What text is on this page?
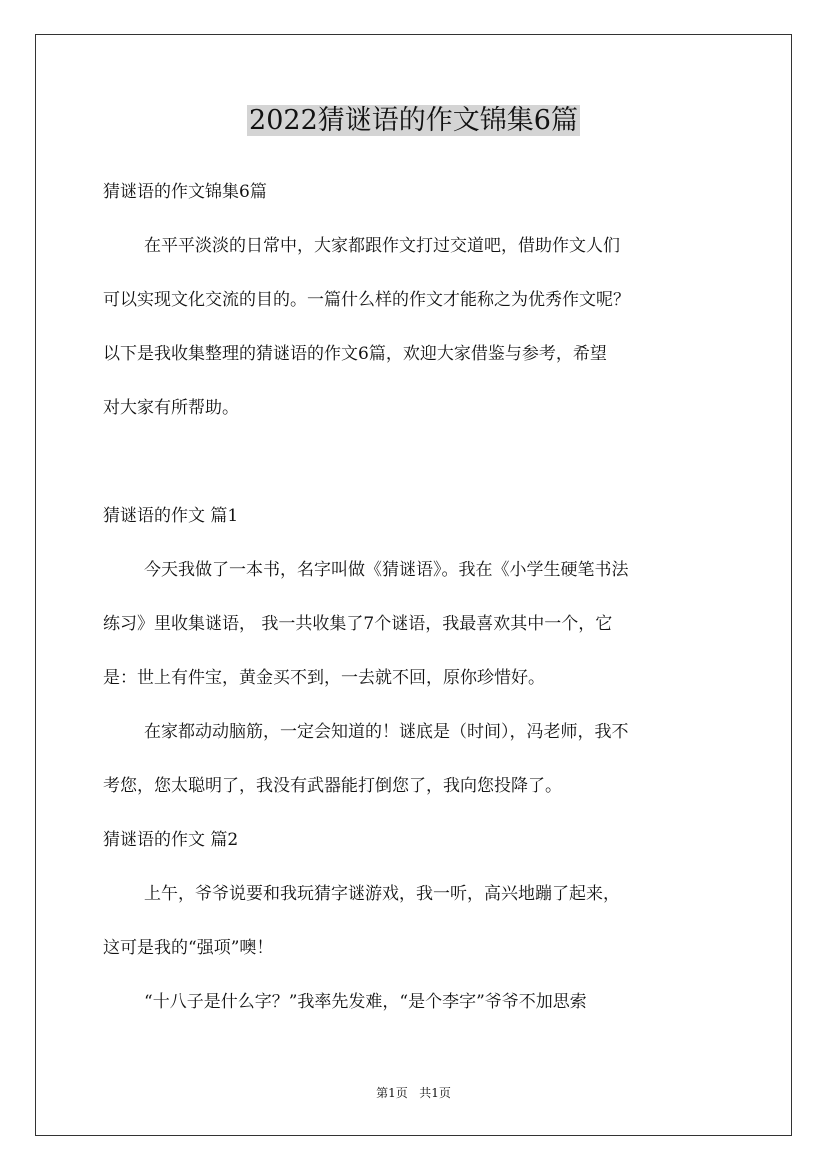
2022猜谜语的作文锦集6篇
猜谜语的作文锦集6篇
在平平淡淡的日常中，大家都跟作文打过交道吧，借助作文人们
可以实现文化交流的目的。一篇什么样的作文才能称之为优秀作文呢？
以下是我收集整理的猜谜语的作文6篇，欢迎大家借鉴与参考，希望
对大家有所帮助。
猜谜语的作文 篇1
今天我做了一本书，名字叫做《猜谜语》。我在《小学生硬笔书法
练习》里收集谜语， 我一共收集了7个谜语，我最喜欢其中一个，它
是：世上有件宝，黄金买不到，一去就不回，原你珍惜好。
在家都动动脑筋，一定会知道的！谜底是（时间），冯老师，我不
考您，您太聪明了，我没有武器能打倒您了，我向您投降了。
猜谜语的作文 篇2
上午，爷爷说要和我玩猜字谜游戏，我一听，高兴地蹦了起来，
这可是我的“强项”噢！
“十八子是什么字？”我率先发难，“是个李字”爷爷不加思索
第1页 共1页
